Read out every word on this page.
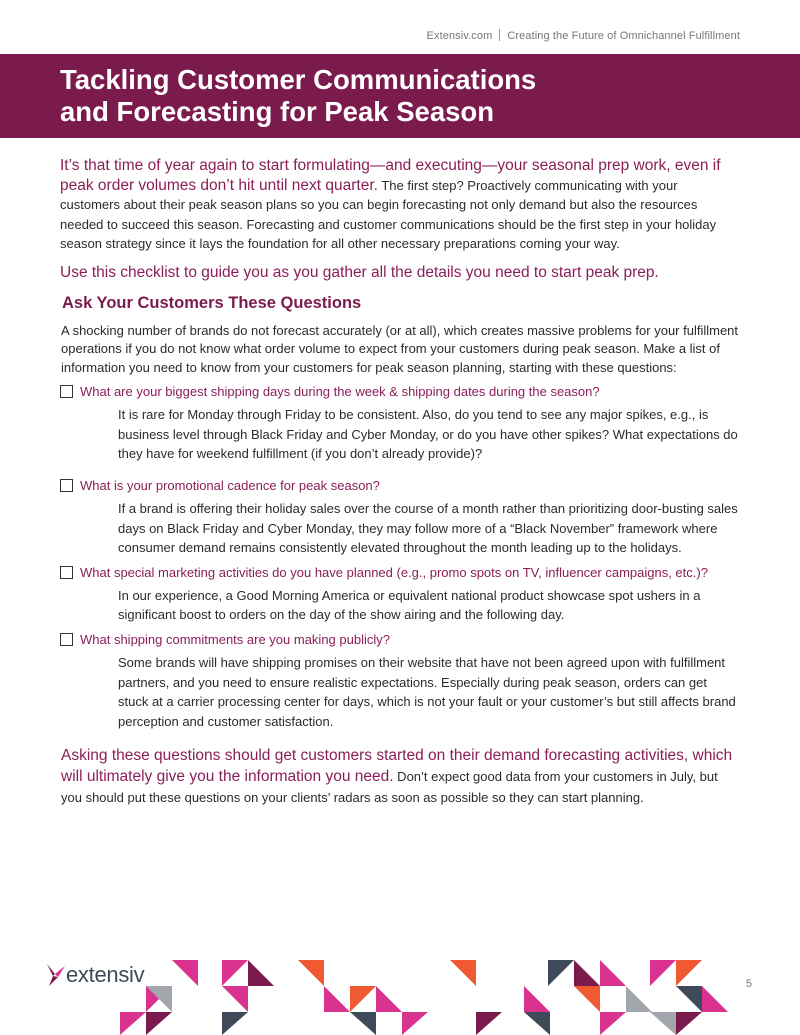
Extensiv.com Creating the Future of Omnichannel Fulfillment
Tackling Customer Communications
and Forecasting for Peak Season

It’s that time of year again to start formulating—and executing—your seasonal prep work, even if peak order volumes don’t hit until next quarter. The first step? Proactively communicating with your customers about their peak season plans so you can begin forecasting not only demand but also the resources needed to succeed this season. Forecasting and customer communications should be the first step in your holiday season strategy since it lays the foundation for all other necessary preparations coming your way.

Use this checklist to guide you as you gather all the details you need to start peak prep.

Ask Your Customers These Questions

A shocking number of brands do not forecast accurately (or at all), which creates massive problems for your fulfillment operations if you do not know what order volume to expect from your customers during peak season. Make a list of information you need to know from your customers for peak season planning, starting with these questions:

What are your biggest shipping days during the week & shipping dates during the season?
It is rare for Monday through Friday to be consistent. Also, do you tend to see any major spikes, e.g., is business level through Black Friday and Cyber Monday, or do you have other spikes? What expectations do they have for weekend fulfillment (if you don’t already provide)?
What is your promotional cadence for peak season?
If a brand is offering their holiday sales over the course of a month rather than prioritizing door-busting sales days on Black Friday and Cyber Monday, they may follow more of a “Black November” framework where consumer demand remains consistently elevated throughout the month leading up to the holidays.
What special marketing activities do you have planned (e.g., promo spots on TV, influencer campaigns, etc.)?
In our experience, a Good Morning America or equivalent national product showcase spot ushers in a significant boost to orders on the day of the show airing and the following day.
What shipping commitments are you making publicly?
Some brands will have shipping promises on their website that have not been agreed upon with fulfillment partners, and you need to ensure realistic expectations. Especially during peak season, orders can get stuck at a carrier processing center for days, which is not your fault or your customer’s but still affects brand perception and customer satisfaction.

Asking these questions should get customers started on their demand forecasting activities, which will ultimately give you the information you need. Don’t expect good data from your customers in July, but you should put these questions on your clients’ radars as soon as possible so they can start planning.

extensiv	5
